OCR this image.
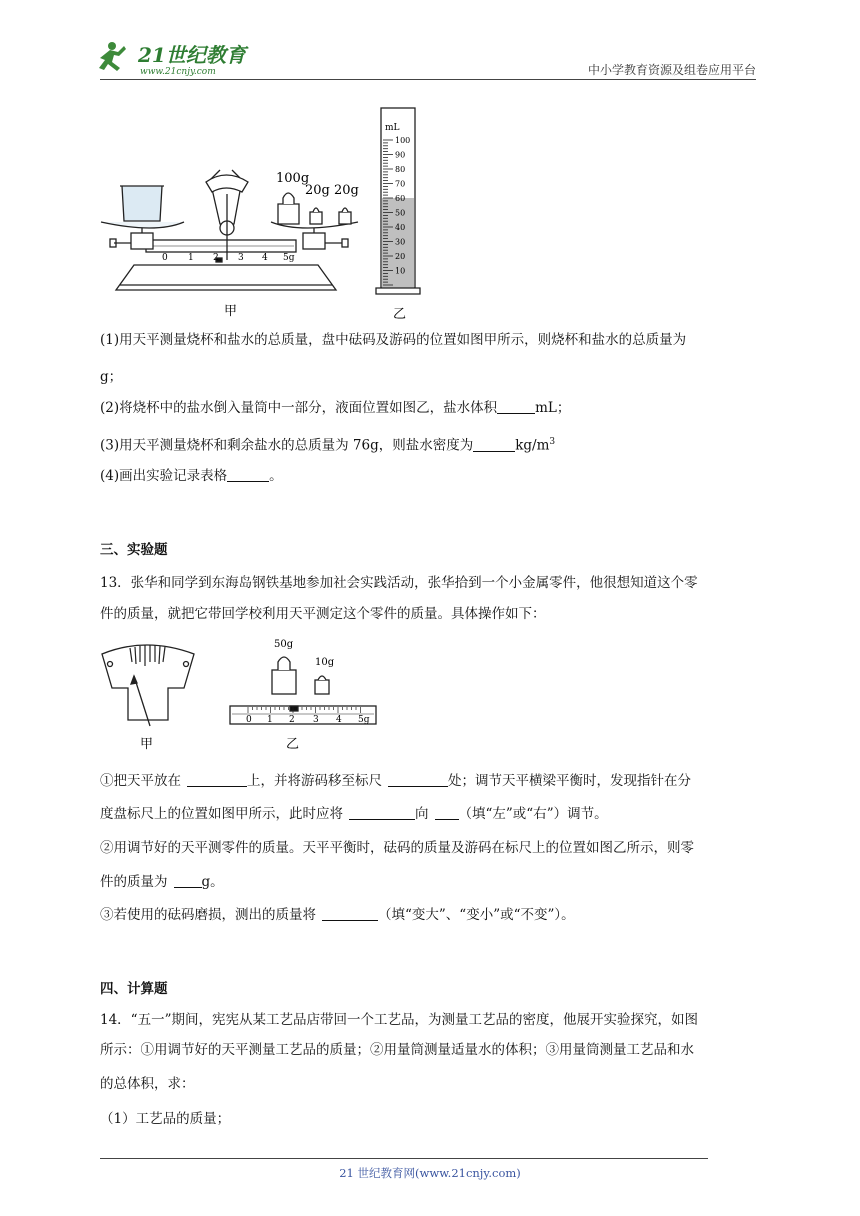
21世纪教育
www.21cnjy.com	中小学教育资源及组卷应用平台
100g
20g 20g
0 1 2 3 4 5g
100
90
80
70
60
50
40
30
20
10
mL
甲	乙
(1)用天平测量烧杯和盐水的总质量，盘中砝码及游码的位置如图甲所示，则烧杯和盐水的总质量为
g；
(2)将烧杯中的盐水倒入量筒中一部分，液面位置如图乙，盐水体积	mL；
(3)用天平测量烧杯和剩余盐水的总质量为 76g，则盐水密度为	$kg/m^3$
(4)画出实验记录表格	。
三、实验题
13．张华和同学到东海岛钢铁基地参加社会实践活动，张华拾到一个小金属零件，他很想知道这个零
件的质量，就把它带回学校利用天平测定这个零件的质量。具体操作如下：
50g
10g
0 1 2 3 4 5g
甲	乙
①把天平放在	上，并将游码移至标尺	处；调节天平横梁平衡时，发现指针在分
度盘标尺上的位置如图甲所示，此时应将	向 （填“左”或“右”）调节。
②用调节好的天平测零件的质量。天平平衡时，砝码的质量及游码在标尺上的位置如图乙所示，则零
件的质量为	g。
③若使用的砝码磨损，测出的质量将	（填“变大”、“变小”或“不变”）。
四、计算题
14．“五一”期间，宪宪从某工艺品店带回一个工艺品，为测量工艺品的密度，他展开实验探究，如图
所示：①用调节好的天平测量工艺品的质量；②用量筒测量适量水的体积；③用量筒测量工艺品和水
的总体积，求：
（1）工艺品的质量；
21 世纪教育网(www.21cnjy.com)
